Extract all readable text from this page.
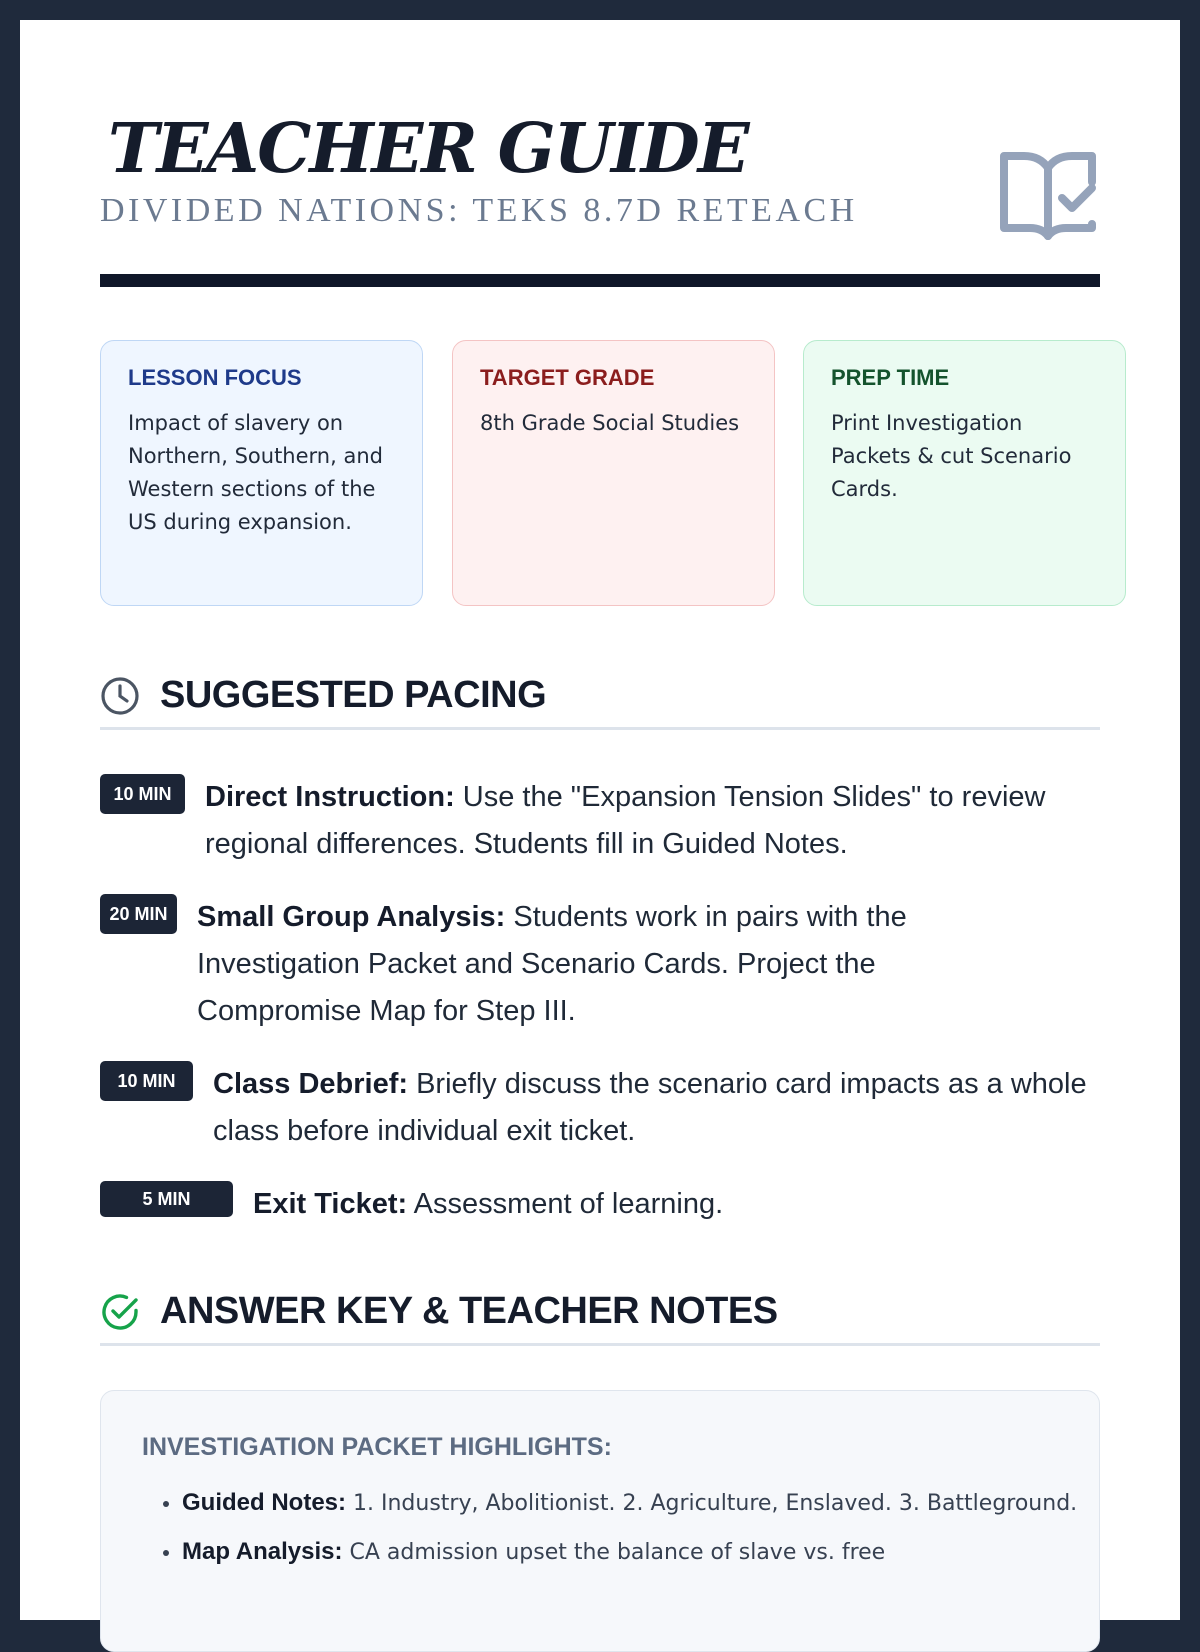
TEACHER GUIDE
DIVIDED NATIONS: TEKS 8.7D RETEACH
LESSON FOCUS
Impact of slavery on Northern, Southern, and Western sections of the US during expansion.
TARGET GRADE
8th Grade Social Studies
PREP TIME
Print Investigation Packets & cut Scenario Cards.
SUGGESTED PACING
10 MIN	Direct Instruction: Use the "Expansion Tension Slides" to review regional differences. Students fill in Guided Notes.
20 MIN	Small Group Analysis: Students work in pairs with the Investigation Packet and Scenario Cards. Project the Compromise Map for Step III.
10 MIN	Class Debrief: Briefly discuss the scenario card impacts as a whole class before individual exit ticket.
5 MIN	Exit Ticket: Assessment of learning.
ANSWER KEY & TEACHER NOTES
INVESTIGATION PACKET HIGHLIGHTS:
• Guided Notes: 1. Industry, Abolitionist. 2. Agriculture, Enslaved. 3. Battleground.
• Map Analysis: CA admission upset the balance of slave vs. free
